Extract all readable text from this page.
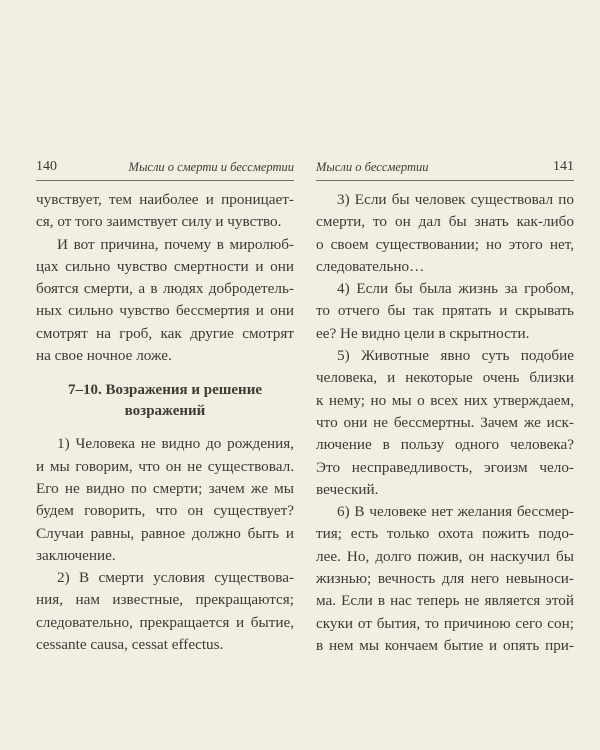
140	Мысли о смерти и бессмертии

чувствует, тем наиболее и проницает-

ся, от того заимствует силу и чувство.

И вот причина, почему в миролюб-

цах сильно чувство смертности и они

боятся смерти, а в людях добродетель-

ных сильно чувство бессмертия и они

смотрят на гроб, как другие смотрят

на свое ночное ложе.

7–10. Возражения и решение
возражений

1) Человека не видно до рождения,

и мы говорим, что он не существовал.

Его не видно по смерти; зачем же мы

будем говорить, что он существует?

Случаи равны, равное должно быть и

заключение.

2) В смерти условия существова-

ния, нам известные, прекращаются;

следовательно, прекращается и бытие,

cessante causa, cessat effectus.

Мысли о бессмертии	141

3) Если бы человек существовал по

смерти, то он дал бы знать как-либо

о своем существовании; но этого нет,

следовательно…

4) Если бы была жизнь за гробом,

то отчего бы так прятать и скрывать

ее? Не видно цели в скрытности.

5) Животные явно суть подобие

человека, и некоторые очень близки

к нему; но мы о всех них утверждаем,

что они не бессмертны. Зачем же иск-

лючение в пользу одного человека?

Это несправедливость, эгоизм чело-

веческий.

6) В человеке нет желания бессмер-

тия; есть только охота пожить подо-

лее. Но, долго пожив, он наскучил бы

жизнью; вечность для него невыноси-

ма. Если в нас теперь не является этой

скуки от бытия, то причиною сего сон;

в нем мы кончаем бытие и опять при-
